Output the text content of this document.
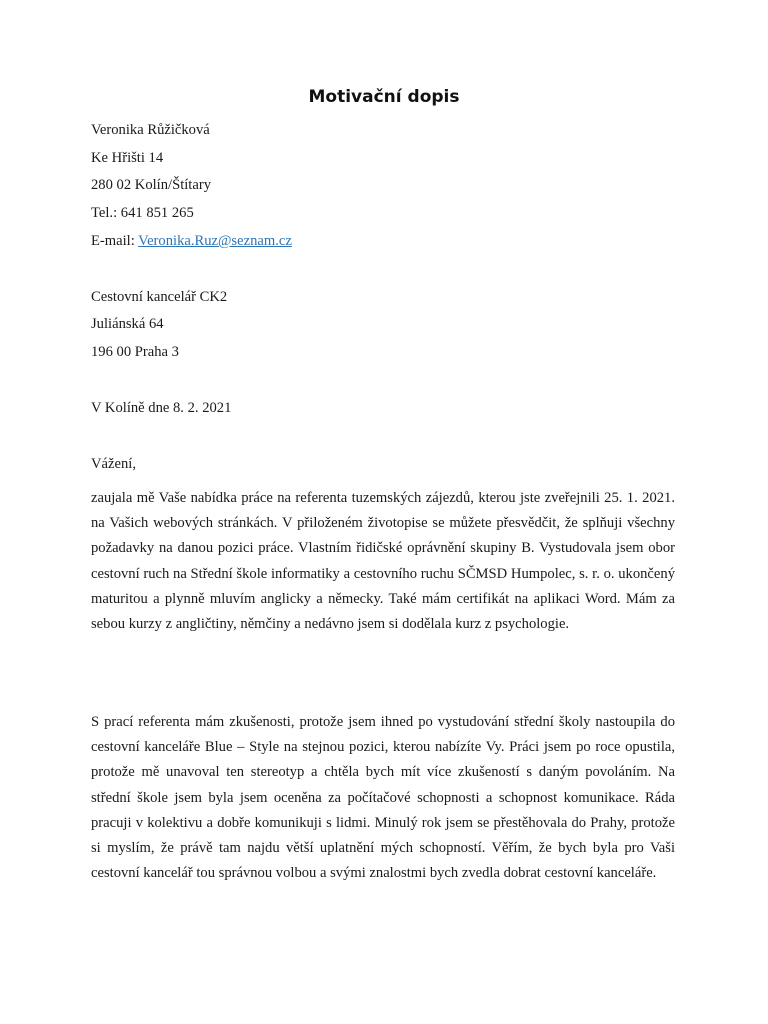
Motivační dopis
Veronika Růžičková
Ke Hřišti 14
280 02 Kolín/Štítary
Tel.: 641 851 265
E-mail: Veronika.Ruz@seznam.cz
Cestovní kancelář CK2
Juliánská 64
196 00 Praha 3
V Kolíně dne 8. 2. 2021
Vážení,

zaujala mě Vaše nabídka práce na referenta tuzemských zájezdů, kterou jste zveřejnili 25. 1. 2021. na Vašich webových stránkách. V přiloženém životopise se můžete přesvědčit, že splňuji všechny požadavky na danou pozici práce. Vlastním řidičské oprávnění skupiny B. Vystudovala jsem obor cestovní ruch na Střední škole informatiky a cestovního ruchu SČMSD Humpolec, s. r. o. ukončený maturitou a plynně mluvím anglicky a německy. Také mám certifikát na aplikaci Word. Mám za sebou kurzy z angličtiny, němčiny a nedávno jsem si dodělala kurz z psychologie.

S prací referenta mám zkušenosti, protože jsem ihned po vystudování střední školy nastoupila do cestovní kanceláře Blue – Style na stejnou pozici, kterou nabízíte Vy. Práci jsem po roce opustila, protože mě unavoval ten stereotyp a chtěla bych mít více zkušeností s daným povoláním. Na střední škole jsem byla jsem oceněna za počítačové schopnosti a schopnost komunikace. Ráda pracuji v kolektivu a dobře komunikuji s lidmi. Minulý rok jsem se přestěhovala do Prahy, protože si myslím, že právě tam najdu větší uplatnění mých schopností. Věřím, že bych byla pro Vaši cestovní kancelář tou správnou volbou a svými znalostmi bych zvedla dobrat cestovní kanceláře.
